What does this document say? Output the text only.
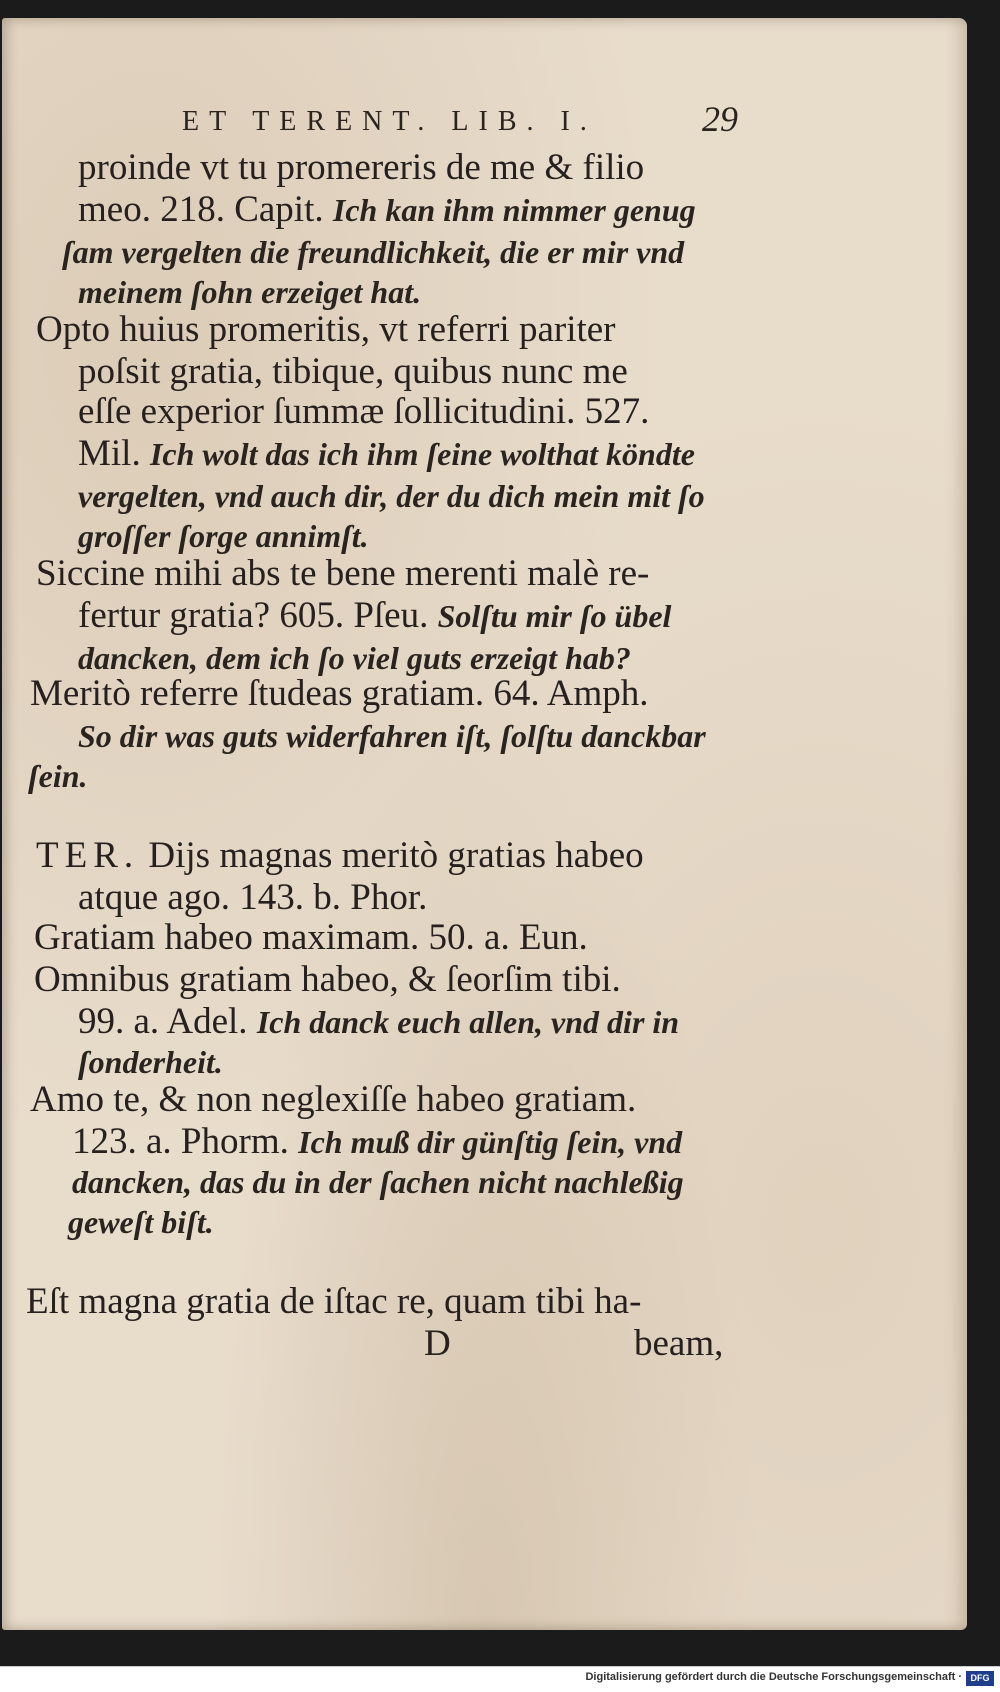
ET TERENT. LIB. I.	29
proinde vt tu promereris de me & filio
meo. 218. Capit. Ich kan ihm nimmer genug
ſam vergelten die freundlichkeit, die er mir vnd
meinem ſohn erzeiget hat.
Opto huius promeritis, vt referri pariter
poſsit gratia, tibique, quibus nunc me
eſſe experior ſummæ ſollicitudini. 527.
Mil. Ich wolt das ich ihm ſeine wolthat köndte
vergelten, vnd auch dir, der du dich mein mit ſo
groſſer ſorge annimſt.
Siccine mihi abs te bene merenti malè re-
fertur gratia? 605. Pſeu. Solſtu mir ſo übel
dancken, dem ich ſo viel guts erzeigt hab?
Meritò referre ſtudeas gratiam. 64. Amph.
So dir was guts widerfahren iſt, ſolſtu danckbar
ſein.
TER. Dijs magnas meritò gratias habeo
atque ago. 143. b. Phor.
Gratiam habeo maximam. 50. a. Eun.
Omnibus gratiam habeo, & ſeorſim tibi.
99. a. Adel. Ich danck euch allen, vnd dir in
ſonderheit.
Amo te, & non neglexiſſe habeo gratiam.
123. a. Phorm. Ich muß dir günſtig ſein, vnd
dancken, das du in der ſachen nicht nachleßig
geweſt biſt.
Eſt magna gratia de iſtac re, quam tibi ha-
D	beam,
Digitalisierung gefördert durch die Deutsche Forschungsgemeinschaft · DFG
